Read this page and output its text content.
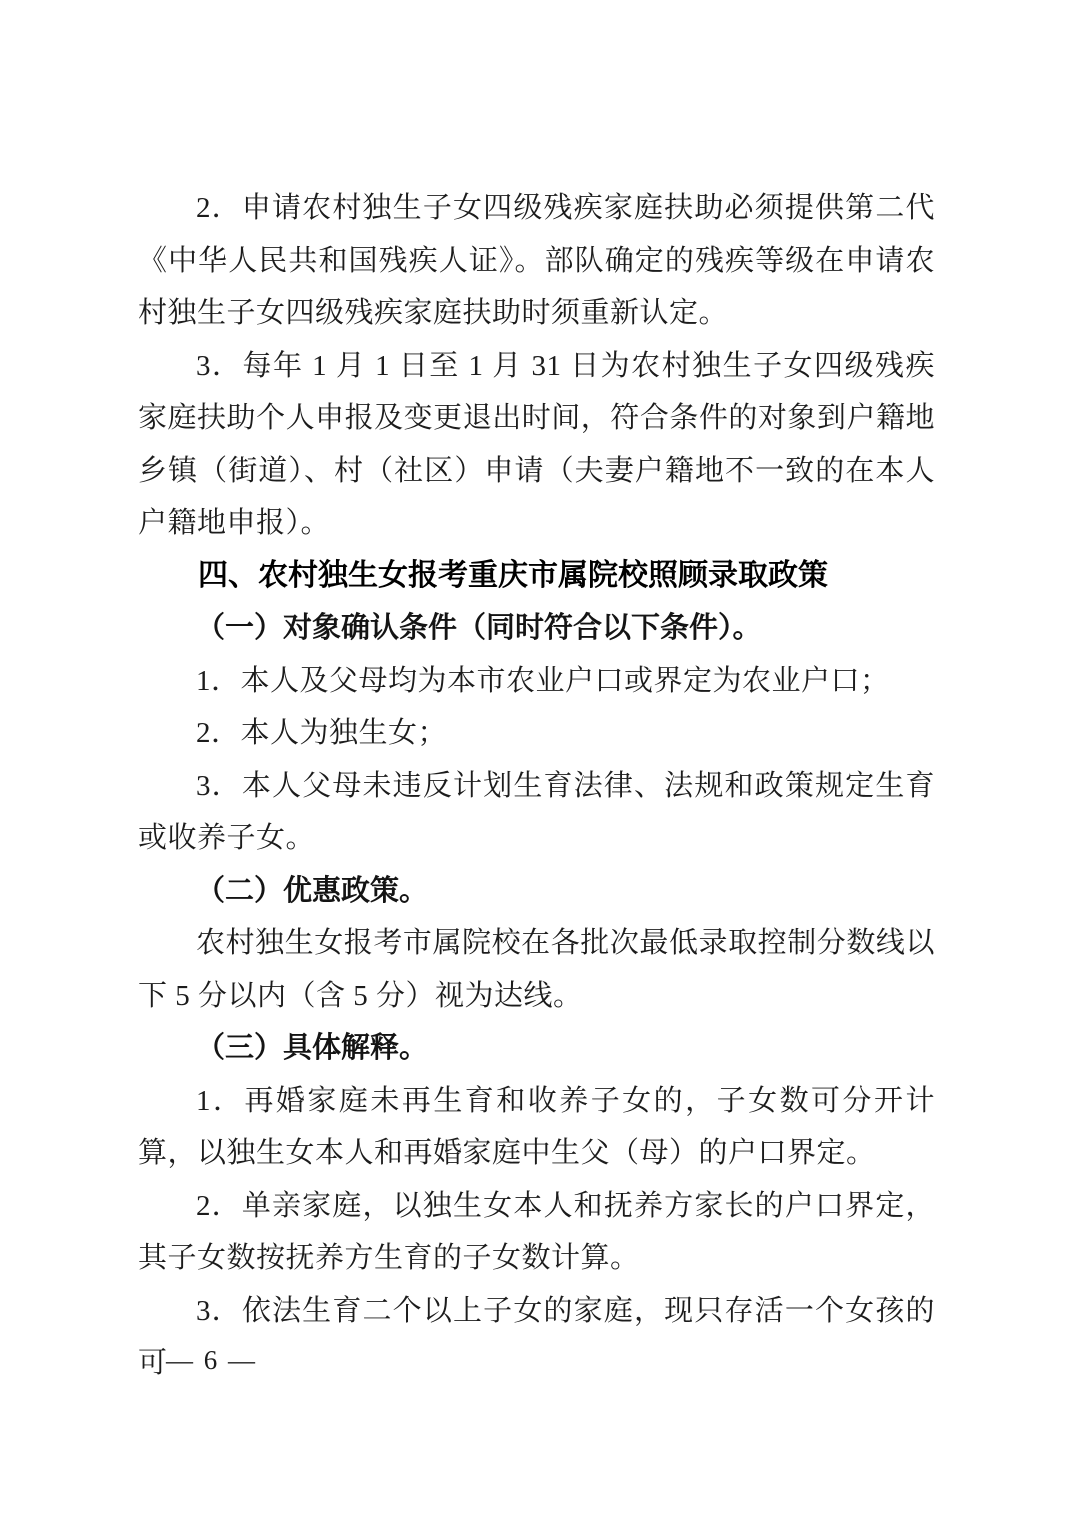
2．申请农村独生子女四级残疾家庭扶助必须提供第二代《中华人民共和国残疾人证》。部队确定的残疾等级在申请农村独生子女四级残疾家庭扶助时须重新认定。

3．每年 1 月 1 日至 1 月 31 日为农村独生子女四级残疾家庭扶助个人申报及变更退出时间，符合条件的对象到户籍地乡镇（街道）、村（社区）申请（夫妻户籍地不一致的在本人户籍地申报）。

四、农村独生女报考重庆市属院校照顾录取政策

（一）对象确认条件（同时符合以下条件）。

1．本人及父母均为本市农业户口或界定为农业户口；

2．本人为独生女；

3．本人父母未违反计划生育法律、法规和政策规定生育或收养子女。

（二）优惠政策。

农村独生女报考市属院校在各批次最低录取控制分数线以下 5 分以内（含 5 分）视为达线。

（三）具体解释。

1．再婚家庭未再生育和收养子女的，子女数可分开计算，以独生女本人和再婚家庭中生父（母）的户口界定。

2．单亲家庭，以独生女本人和抚养方家长的户口界定，其子女数按抚养方生育的子女数计算。

3．依法生育二个以上子女的家庭，现只存活一个女孩的可

— 6 —
